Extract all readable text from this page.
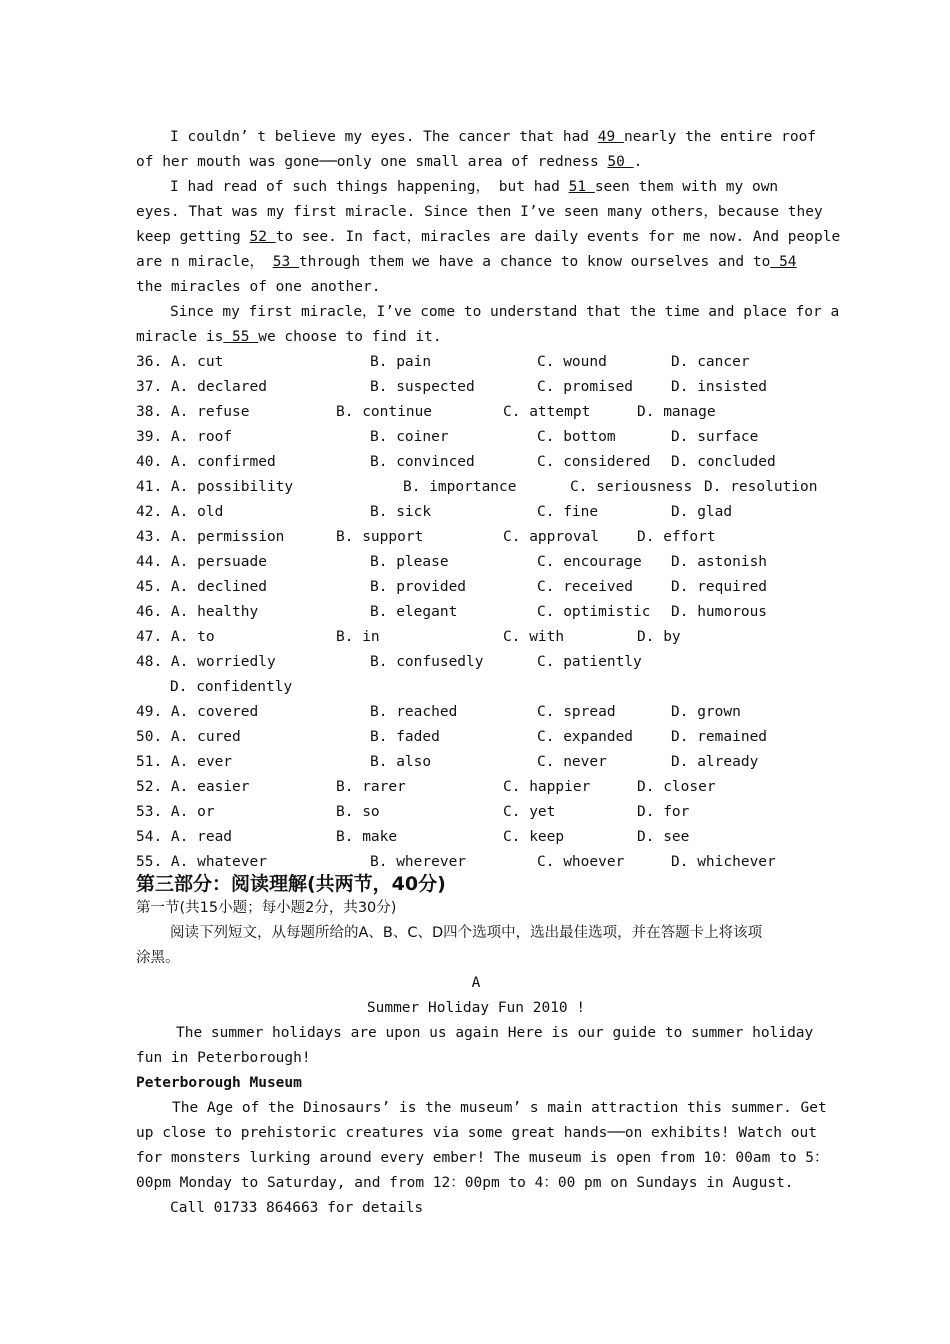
I couldn’ t believe my eyes. The cancer that had 49 nearly the entire roof
of her mouth was gone──only one small area of redness 50 .
I had read of such things happening， but had 51 seen them with my own
eyes. That was my first miracle. Since then I’ve seen many others，because they
keep getting 52 to see. In fact，miracles are daily events for me now. And people
are n miracle， 53 through them we have a chance to know ourselves and to 54
the miracles of one another.
Since my first miracle，I’ve come to understand that the time and place for a
miracle is 55 we choose to find it.
36. A. cut	B. pain	C. wound	D. cancer
37. A. declared	B. suspected	C. promised	D. insisted
38. A. refuse	B. continue	C. attempt	D. manage
39. A. roof	B. coiner	C. bottom	D. surface
40. A. confirmed	B. convinced	C. considered D. concluded
41. A. possibility	B. importance	C. seriousness D. resolution
42. A. old	B. sick	C. fine	D. glad
43. A. permission	B. support	C. approval	D. effort
44. A. persuade	B. please	C. encourage D. astonish
45. A. declined	B. provided	C. received	D. required
46. A. healthy	B. elegant	C. optimistic D. humorous
47. A. to	B. in	C. with	D. by
48. A. worriedly	B. confusedly	C. patiently
D. confidently
49. A. covered	B. reached	C. spread	D. grown
50. A. cured	B. faded	C. expanded	D. remained
51. A. ever	B. also	C. never	D. already
52. A. easier	B. rarer	C. happier	D. closer
53. A. or	B. so	C. yet	D. for
54. A. read	B. make	C. keep	D. see
55. A. whatever	B. wherever	C. whoever	D. whichever
第三部分：阅读理解(共两节，40分)
第一节(共15小题；每小题2分，共30分)
阅读下列短文，从每题所给的A、B、C、D四个选项中，选出最佳选项，并在答题卡上将该项
涂黑。
A
Summer Holiday Fun 2010 !
The summer holidays are upon us again Here is our guide to summer holiday
fun in Peterborough!
Peterborough Museum
The Age of the Dinosaurs’ is the museum’ s main attraction this summer. Get
up close to prehistoric creatures via some great hands──on exhibits! Watch out
for monsters lurking around every ember! The museum is open from 10：00am to 5：
00pm Monday to Saturday, and from 12：00pm to 4：00 pm on Sundays in August.
Call 01733 864663 for details
